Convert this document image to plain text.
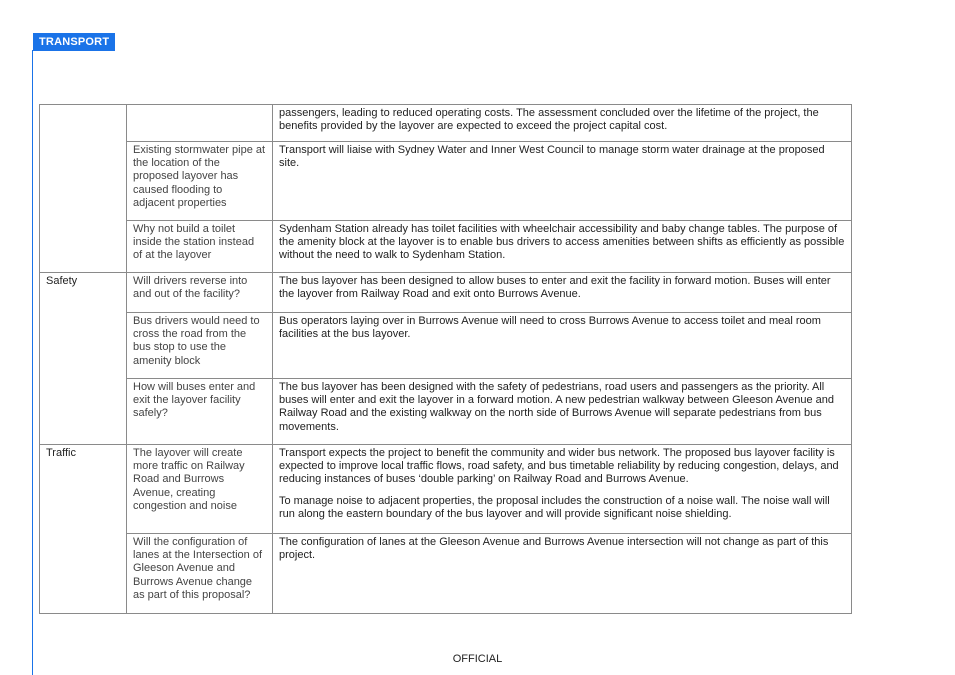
TRANSPORT

		passengers, leading to reduced operating costs. The assessment concluded over the lifetime of the project, the benefits provided by the layover are expected to exceed the project capital cost.

	Existing stormwater pipe at the location of the proposed layover has caused flooding to adjacent properties	Transport will liaise with Sydney Water and Inner West Council to manage storm water drainage at the proposed site.

	Why not build a toilet inside the station instead of at the layover	Sydenham Station already has toilet facilities with wheelchair accessibility and baby change tables. The purpose of the amenity block at the layover is to enable bus drivers to access amenities between shifts as efficiently as possible without the need to walk to Sydenham Station.

Safety	Will drivers reverse into and out of the facility?	The bus layover has been designed to allow buses to enter and exit the facility in forward motion. Buses will enter the layover from Railway Road and exit onto Burrows Avenue.

	Bus drivers would need to cross the road from the bus stop to use the amenity block	Bus operators laying over in Burrows Avenue will need to cross Burrows Avenue to access toilet and meal room facilities at the bus layover.

	How will buses enter and exit the layover facility safely?	The bus layover has been designed with the safety of pedestrians, road users and passengers as the priority. All buses will enter and exit the layover in a forward motion. A new pedestrian walkway between Gleeson Avenue and Railway Road and the existing walkway on the north side of Burrows Avenue will separate pedestrians from bus movements.

Traffic	The layover will create more traffic on Railway Road and Burrows Avenue, creating congestion and noise	Transport expects the project to benefit the community and wider bus network. The proposed bus layover facility is expected to improve local traffic flows, road safety, and bus timetable reliability by reducing congestion, delays, and reducing instances of buses ‘double parking’ on Railway Road and Burrows Avenue.

To manage noise to adjacent properties, the proposal includes the construction of a noise wall. The noise wall will run along the eastern boundary of the bus layover and will provide significant noise shielding.

	Will the configuration of lanes at the Intersection of Gleeson Avenue and Burrows Avenue change as part of this proposal?	The configuration of lanes at the Gleeson Avenue and Burrows Avenue intersection will not change as part of this project.

OFFICIAL
